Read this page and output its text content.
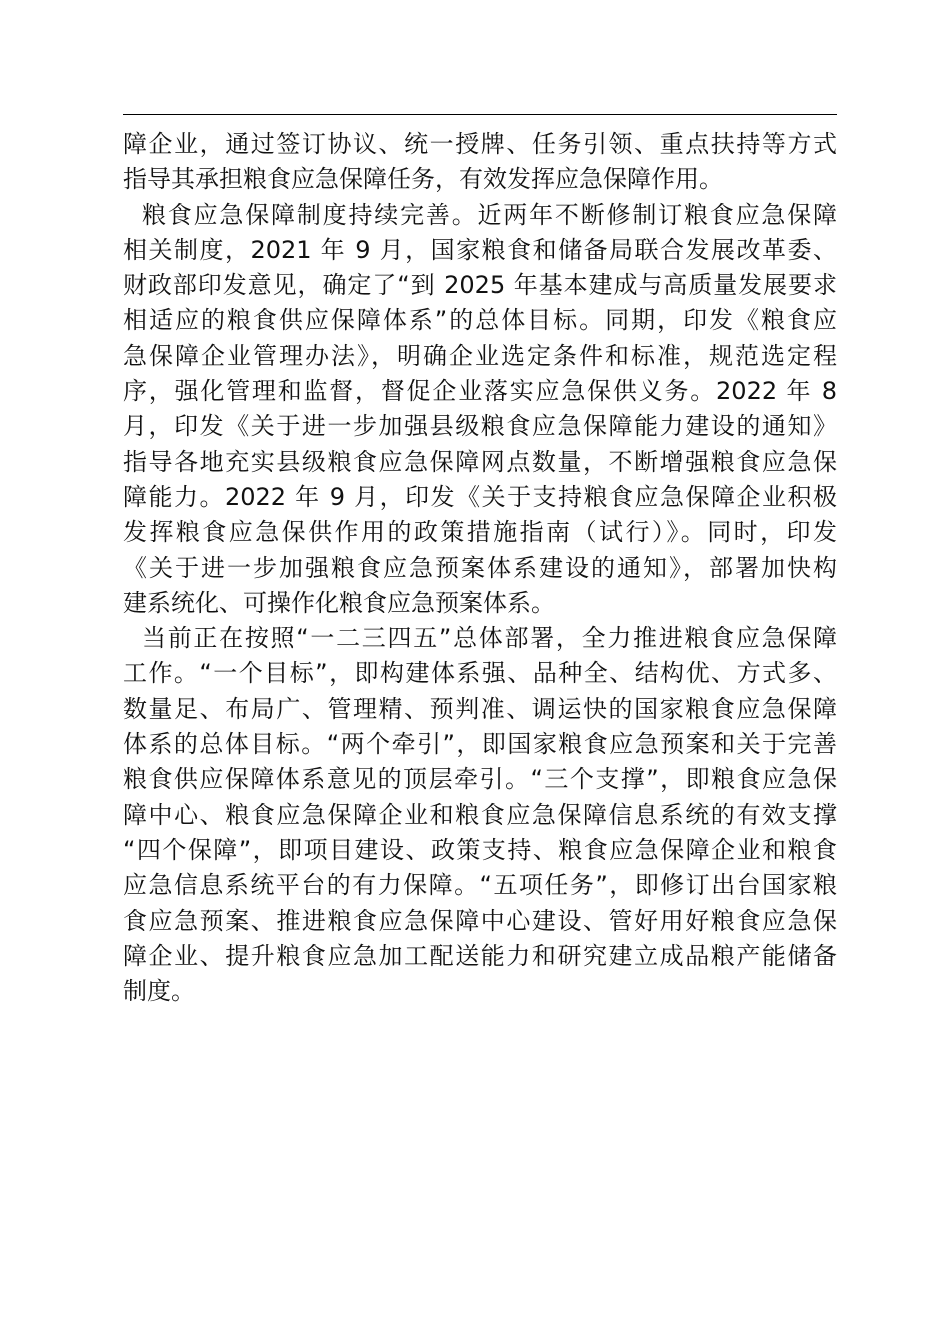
障企业，通过签订协议、统一授牌、任务引领、重点扶持等方式
指导其承担粮食应急保障任务，有效发挥应急保障作用。
粮食应急保障制度持续完善。近两年不断修制订粮食应急保障
相关制度，2021 年 9 月，国家粮食和储备局联合发展改革委、
财政部印发意见，确定了“到 2025 年基本建成与高质量发展要求
相适应的粮食供应保障体系”的总体目标。同期，印发《粮食应
急保障企业管理办法》，明确企业选定条件和标准，规范选定程
序，强化管理和监督，督促企业落实应急保供义务。2022 年 8
月，印发《关于进一步加强县级粮食应急保障能力建设的通知》
指导各地充实县级粮食应急保障网点数量，不断增强粮食应急保
障能力。2022 年 9 月，印发《关于支持粮食应急保障企业积极
发挥粮食应急保供作用的政策措施指南（试行）》。同时，印发
《关于进一步加强粮食应急预案体系建设的通知》，部署加快构
建系统化、可操作化粮食应急预案体系。
当前正在按照“一二三四五”总体部署，全力推进粮食应急保障
工作。“一个目标”，即构建体系强、品种全、结构优、方式多、
数量足、布局广、管理精、预判准、调运快的国家粮食应急保障
体系的总体目标。“两个牵引”，即国家粮食应急预案和关于完善
粮食供应保障体系意见的顶层牵引。“三个支撑”，即粮食应急保
障中心、粮食应急保障企业和粮食应急保障信息系统的有效支撑
“四个保障”，即项目建设、政策支持、粮食应急保障企业和粮食
应急信息系统平台的有力保障。“五项任务”，即修订出台国家粮
食应急预案、推进粮食应急保障中心建设、管好用好粮食应急保
障企业、提升粮食应急加工配送能力和研究建立成品粮产能储备
制度。
